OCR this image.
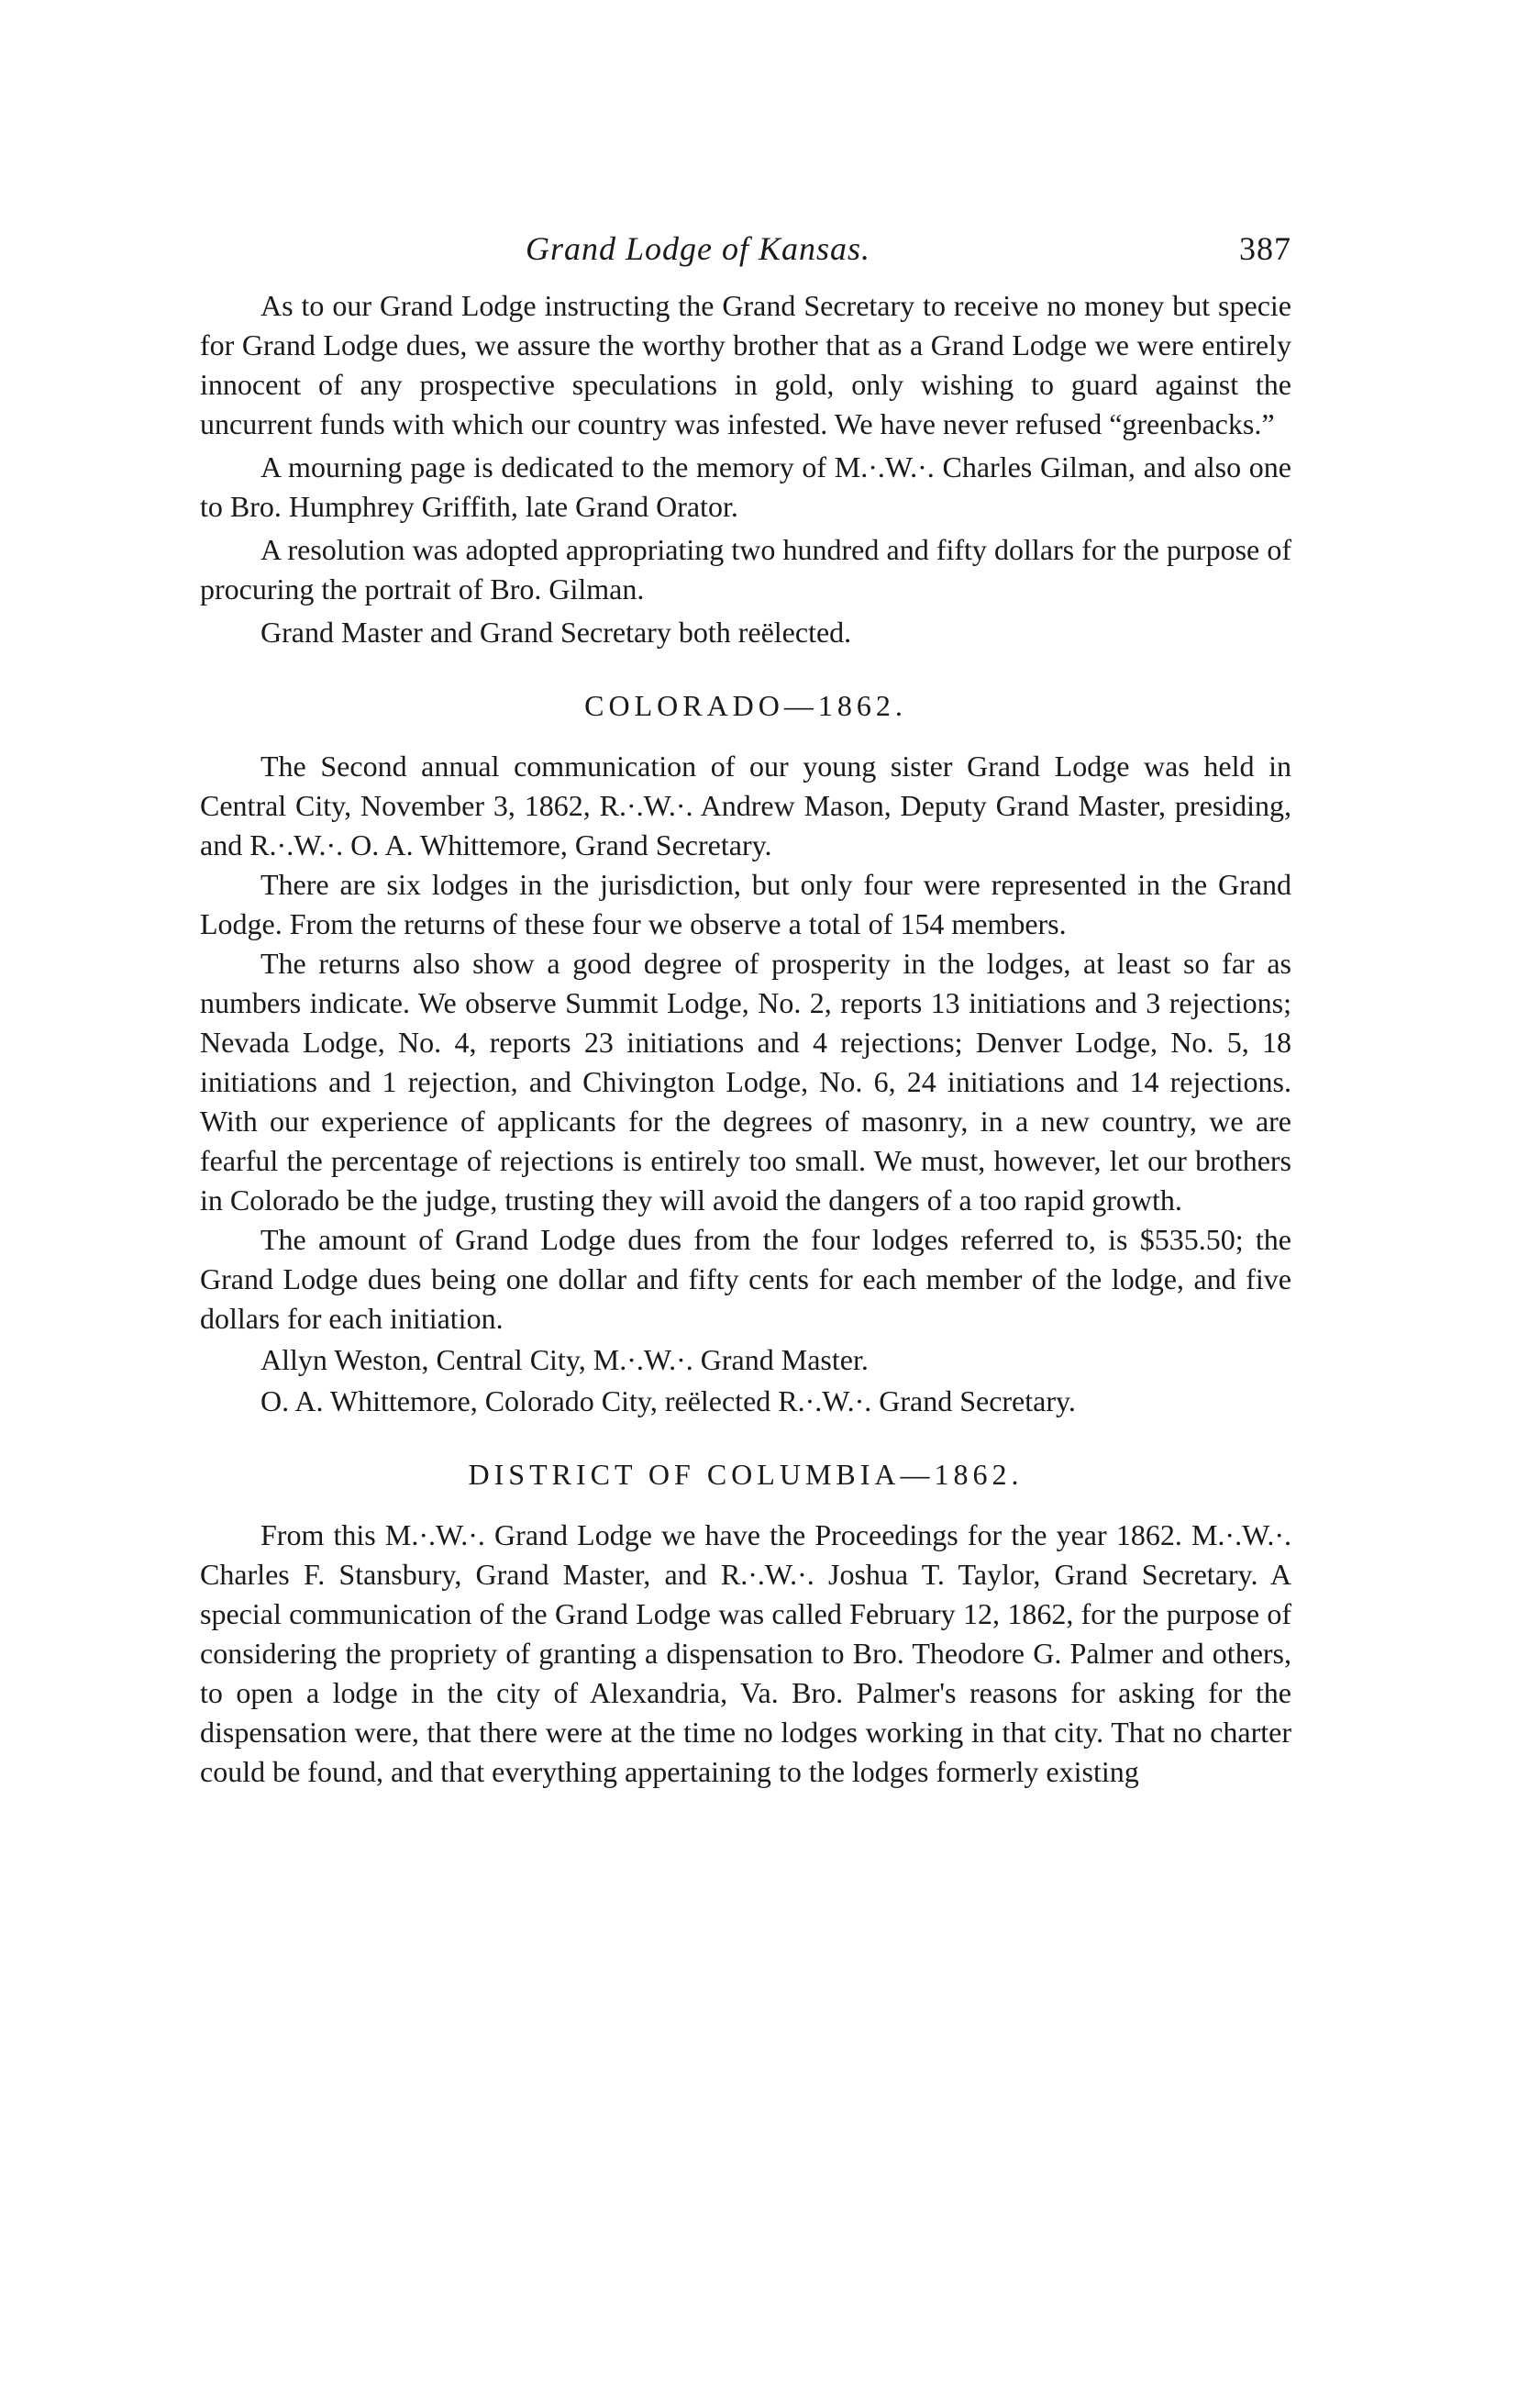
Grand Lodge of Kansas.	387

As to our Grand Lodge instructing the Grand Secretary to receive no money but specie for Grand Lodge dues, we assure the worthy brother that as a Grand Lodge we were entirely innocent of any prospective speculations in gold, only wishing to guard against the uncurrent funds with which our country was infested. We have never refused “greenbacks.”

A mourning page is dedicated to the memory of M.·.W.·. Charles Gilman, and also one to Bro. Humphrey Griffith, late Grand Orator.

A resolution was adopted appropriating two hundred and fifty dollars for the purpose of procuring the portrait of Bro. Gilman.

Grand Master and Grand Secretary both reëlected.

COLORADO—1862.

The Second annual communication of our young sister Grand Lodge was held in Central City, November 3, 1862, R.·.W.·. Andrew Mason, Deputy Grand Master, presiding, and R.·.W.·. O. A. Whittemore, Grand Secretary.

There are six lodges in the jurisdiction, but only four were represented in the Grand Lodge. From the returns of these four we observe a total of 154 members.

The returns also show a good degree of prosperity in the lodges, at least so far as numbers indicate. We observe Summit Lodge, No. 2, reports 13 initiations and 3 rejections; Nevada Lodge, No. 4, reports 23 initiations and 4 rejections; Denver Lodge, No. 5, 18 initiations and 1 rejection, and Chivington Lodge, No. 6, 24 initiations and 14 rejections. With our experience of applicants for the degrees of masonry, in a new country, we are fearful the percentage of rejections is entirely too small. We must, however, let our brothers in Colorado be the judge, trusting they will avoid the dangers of a too rapid growth.

The amount of Grand Lodge dues from the four lodges referred to, is $535.50; the Grand Lodge dues being one dollar and fifty cents for each member of the lodge, and five dollars for each initiation.

Allyn Weston, Central City, M.·.W.·. Grand Master.

O. A. Whittemore, Colorado City, reëlected R.·.W.·. Grand Secretary.

DISTRICT OF COLUMBIA—1862.

From this M.·.W.·. Grand Lodge we have the Proceedings for the year 1862. M.·.W.·. Charles F. Stansbury, Grand Master, and R.·.W.·. Joshua T. Taylor, Grand Secretary. A special communication of the Grand Lodge was called February 12, 1862, for the purpose of considering the propriety of granting a dispensation to Bro. Theodore G. Palmer and others, to open a lodge in the city of Alexandria, Va. Bro. Palmer's reasons for asking for the dispensation were, that there were at the time no lodges working in that city. That no charter could be found, and that everything appertaining to the lodges formerly existing
